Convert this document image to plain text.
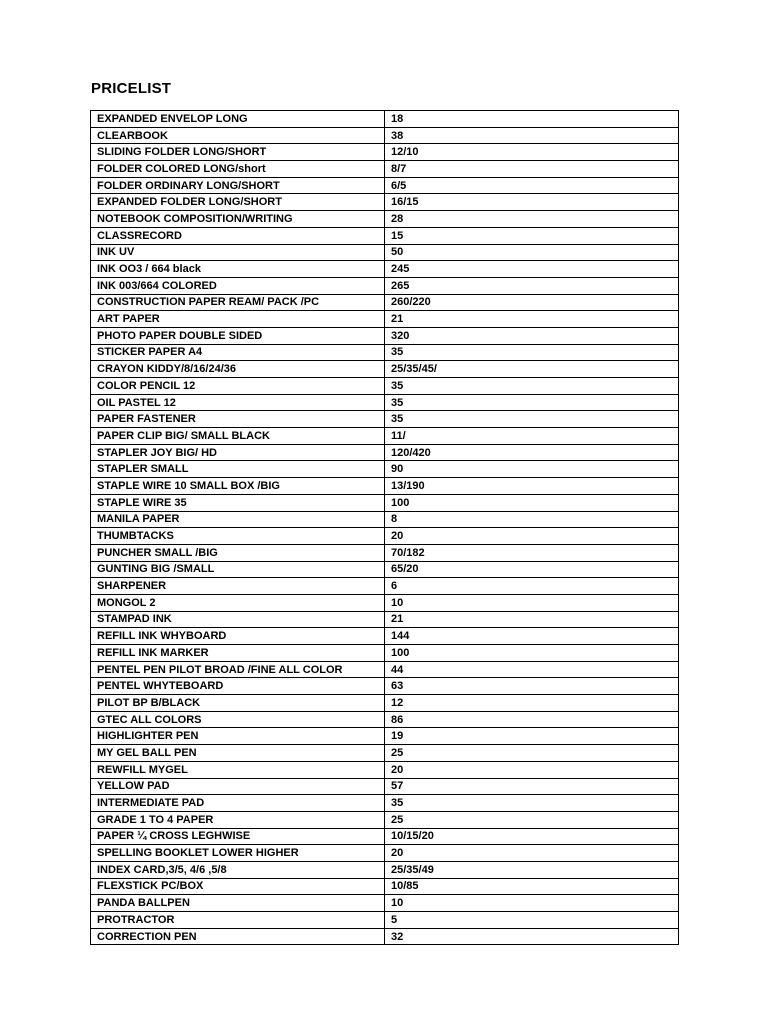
PRICELIST
EXPANDED ENVELOP LONG	18
CLEARBOOK	38
SLIDING FOLDER LONG/SHORT	12/10
FOLDER COLORED LONG/short	8/7
FOLDER ORDINARY LONG/SHORT	6/5
EXPANDED FOLDER LONG/SHORT	16/15
NOTEBOOK COMPOSITION/WRITING	28
CLASSRECORD	15
INK UV	50
INK OO3 / 664 black	245
INK 003/664 COLORED	265
CONSTRUCTION PAPER REAM/ PACK /PC	260/220
ART PAPER	21
PHOTO PAPER DOUBLE SIDED	320
STICKER PAPER A4	35
CRAYON KIDDY/8/16/24/36	25/35/45/
COLOR PENCIL 12	35
OIL PASTEL 12	35
PAPER FASTENER	35
PAPER CLIP BIG/ SMALL BLACK	11/
STAPLER JOY BIG/ HD	120/420
STAPLER SMALL	90
STAPLE WIRE 10 SMALL BOX /BIG	13/190
STAPLE WIRE 35	100
MANILA PAPER	8
THUMBTACKS	20
PUNCHER SMALL /BIG	70/182
GUNTING BIG /SMALL	65/20
SHARPENER	6
MONGOL 2	10
STAMPAD INK	21
REFILL INK WHYBOARD	144
REFILL INK MARKER	100
PENTEL PEN PILOT BROAD /FINE ALL COLOR	44
PENTEL WHYTEBOARD	63
PILOT BP B/BLACK	12
GTEC ALL COLORS	86
HIGHLIGHTER PEN	19
MY GEL BALL PEN	25
REWFILL MYGEL	20
YELLOW PAD	57
INTERMEDIATE PAD	35
GRADE 1 TO 4 PAPER	25
PAPER ¼ CROSS LEGHWISE	10/15/20
SPELLING BOOKLET LOWER HIGHER	20
INDEX CARD,3/5, 4/6 ,5/8	25/35/49
FLEXSTICK PC/BOX	10/85
PANDA BALLPEN	10
PROTRACTOR	5
CORRECTION PEN	32
